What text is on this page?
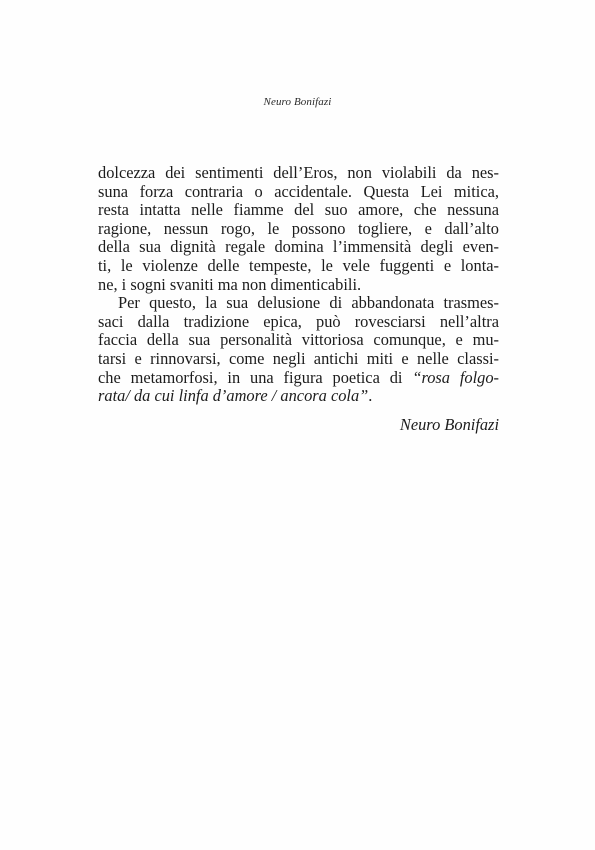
Neuro Bonifazi
dolcezza dei sentimenti dell’Eros, non violabili da nes-
suna forza contraria o accidentale. Questa Lei mitica,
resta intatta nelle fiamme del suo amore, che nessuna
ragione, nessun rogo, le possono togliere, e dall’alto
della sua dignità regale domina l’immensità degli even-
ti, le violenze delle tempeste, le vele fuggenti e lonta-
ne, i sogni svaniti ma non dimenticabili.
Per questo, la sua delusione di abbandonata trasmes-
saci dalla tradizione epica, può rovesciarsi nell’altra
faccia della sua personalità vittoriosa comunque, e mu-
tarsi e rinnovarsi, come negli antichi miti e nelle classi-
che metamorfosi, in una figura poetica di “rosa folgo-
rata/ da cui linfa d’amore / ancora cola”.
Neuro Bonifazi
